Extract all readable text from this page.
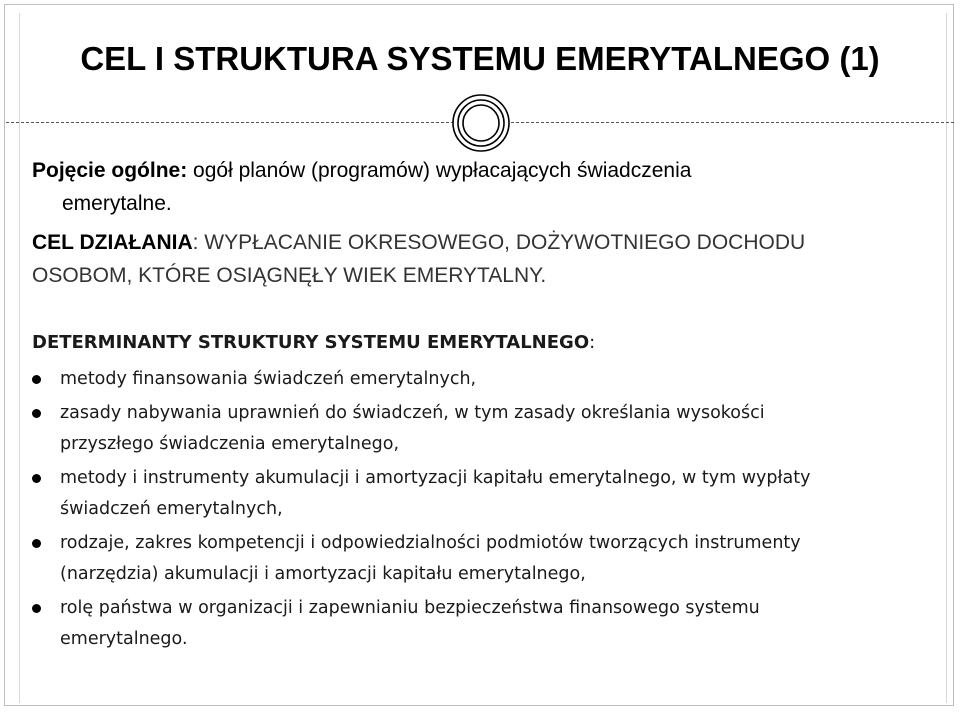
CEL I STRUKTURA SYSTEMU EMERYTALNEGO (1)
Pojęcie ogólne: ogół planów (programów) wypłacających świadczenia
emerytalne.
CEL DZIAŁANIA: WYPŁACANIE OKRESOWEGO, DOŻYWOTNIEGO DOCHODU
OSOBOM, KTÓRE OSIĄGNĘŁY WIEK EMERYTALNY.
DETERMINANTY STRUKTURY SYSTEMU EMERYTALNEGO:
metody finansowania świadczeń emerytalnych,
zasady nabywania uprawnień do świadczeń, w tym zasady określania wysokości
przyszłego świadczenia emerytalnego,
metody i instrumenty akumulacji i amortyzacji kapitału emerytalnego, w tym wypłaty
świadczeń emerytalnych,
rodzaje, zakres kompetencji i odpowiedzialności podmiotów tworzących instrumenty
(narzędzia) akumulacji i amortyzacji kapitału emerytalnego,
rolę państwa w organizacji i zapewnianiu bezpieczeństwa finansowego systemu
emerytalnego.
